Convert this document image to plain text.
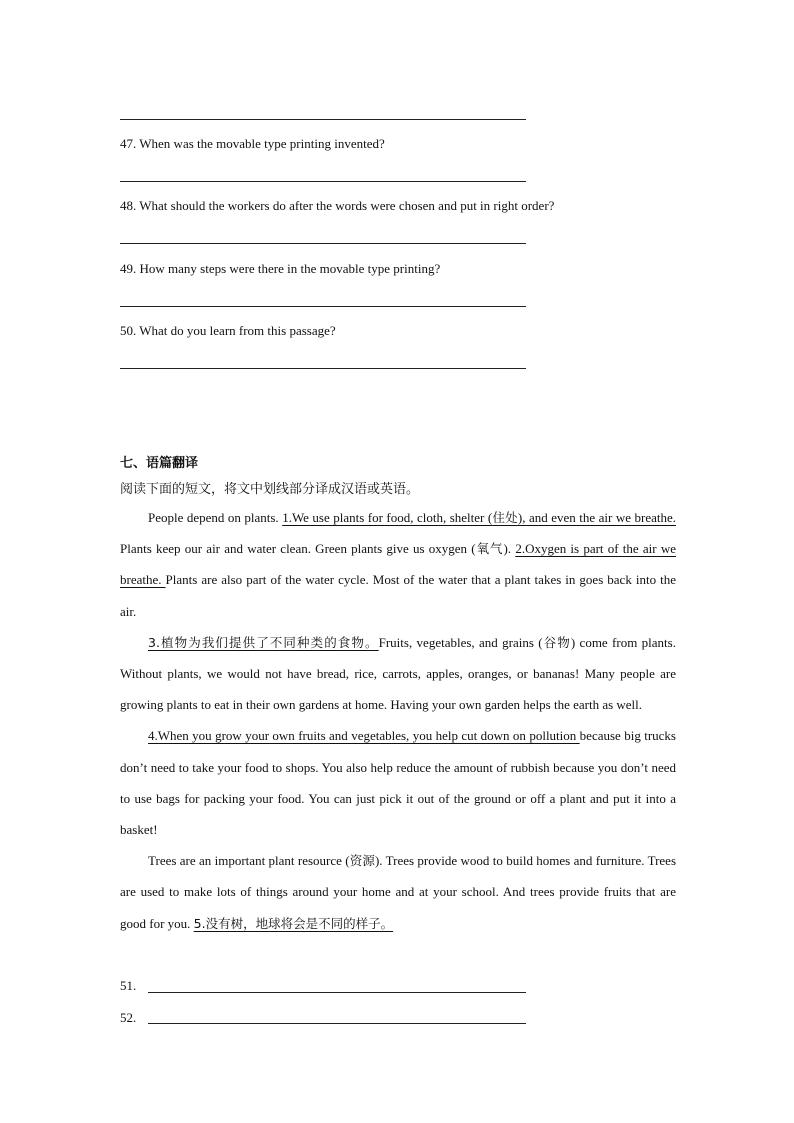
47. When was the movable type printing invented?
48. What should the workers do after the words were chosen and put in right order?
49. How many steps were there in the movable type printing?
50. What do you learn from this passage?
七、语篇翻译
阅读下面的短文，将文中划线部分译成汉语或英语。

People depend on plants. 1.We use plants for food, cloth, shelter (住处), and even the air we breathe. Plants keep our air and water clean. Green plants give us oxygen (氧气). 2.Oxygen is part of the air we breathe. Plants are also part of the water cycle. Most of the water that a plant takes in goes back into the air.

3.植物为我们提供了不同种类的食物。Fruits, vegetables, and grains (谷物) come from plants. Without plants, we would not have bread, rice, carrots, apples, oranges, or bananas! Many people are growing plants to eat in their own gardens at home. Having your own garden helps the earth as well.

4.When you grow your own fruits and vegetables, you help cut down on pollution because big trucks don’t need to take your food to shops. You also help reduce the amount of rubbish because you don’t need to use bags for packing your food. You can just pick it out of the ground or off a plant and put it into a basket!

Trees are an important plant resource (资源). Trees provide wood to build homes and furniture. Trees are used to make lots of things around your home and at your school. And trees provide fruits that are good for you. 5.没有树，地球将会是不同的样子。

51.
52.
